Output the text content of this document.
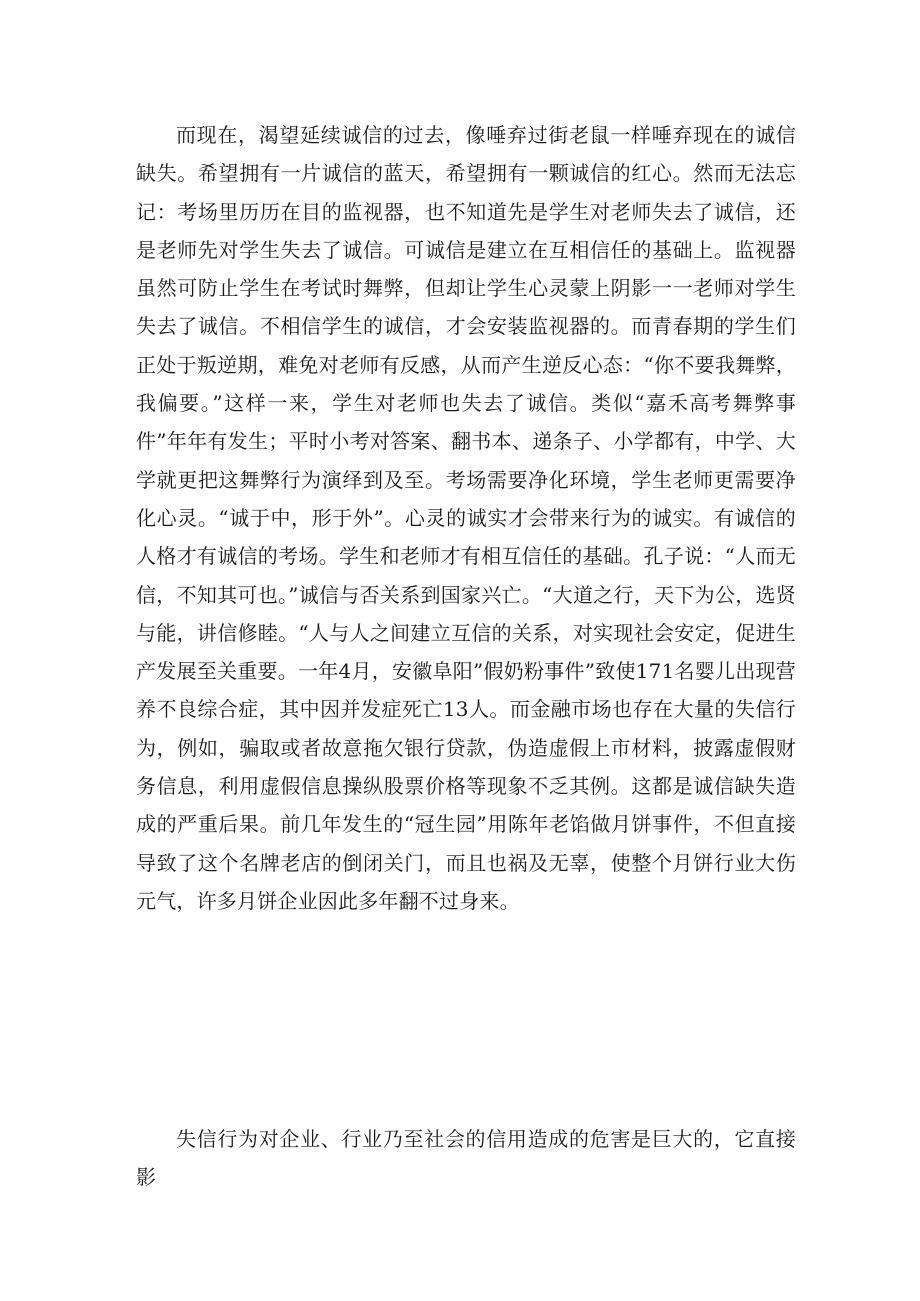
而现在，渴望延续诚信的过去，像唾弃过街老鼠一样唾弃现在的诚信缺失。希望拥有一片诚信的蓝天，希望拥有一颗诚信的红心。然而无法忘记：考场里历历在目的监视器，也不知道先是学生对老师失去了诚信，还是老师先对学生失去了诚信。可诚信是建立在互相信任的基础上。监视器虽然可防止学生在考试时舞弊，但却让学生心灵蒙上阴影一一老师对学生失去了诚信。不相信学生的诚信，才会安装监视器的。而青春期的学生们正处于叛逆期，难免对老师有反感，从而产生逆反心态：“你不要我舞弊，我偏要。”这样一来，学生对老师也失去了诚信。类似“嘉禾高考舞弊事件”年年有发生；平时小考对答案、翻书本、递条子、小学都有，中学、大学就更把这舞弊行为演绎到及至。考场需要净化环境，学生老师更需要净化心灵。“诚于中，形于外”。心灵的诚实才会带来行为的诚实。有诚信的人格才有诚信的考场。学生和老师才有相互信任的基础。孔子说：“人而无信，不知其可也。”诚信与否关系到国家兴亡。“大道之行，天下为公，选贤与能，讲信修睦。“人与人之间建立互信的关系，对实现社会安定，促进生产发展至关重要。一年4月，安徽阜阳”假奶粉事件”致使171名婴儿出现营养不良综合症，其中因并发症死亡13人。而金融市场也存在大量的失信行为，例如，骗取或者故意拖欠银行贷款，伪造虚假上市材料，披露虚假财务信息，利用虚假信息操纵股票价格等现象不乏其例。这都是诚信缺失造成的严重后果。前几年发生的“冠生园”用陈年老馅做月饼事件，不但直接导致了这个名牌老店的倒闭关门，而且也祸及无辜，使整个月饼行业大伤元气，许多月饼企业因此多年翻不过身来。

失信行为对企业、行业乃至社会的信用造成的危害是巨大的，它直接影
